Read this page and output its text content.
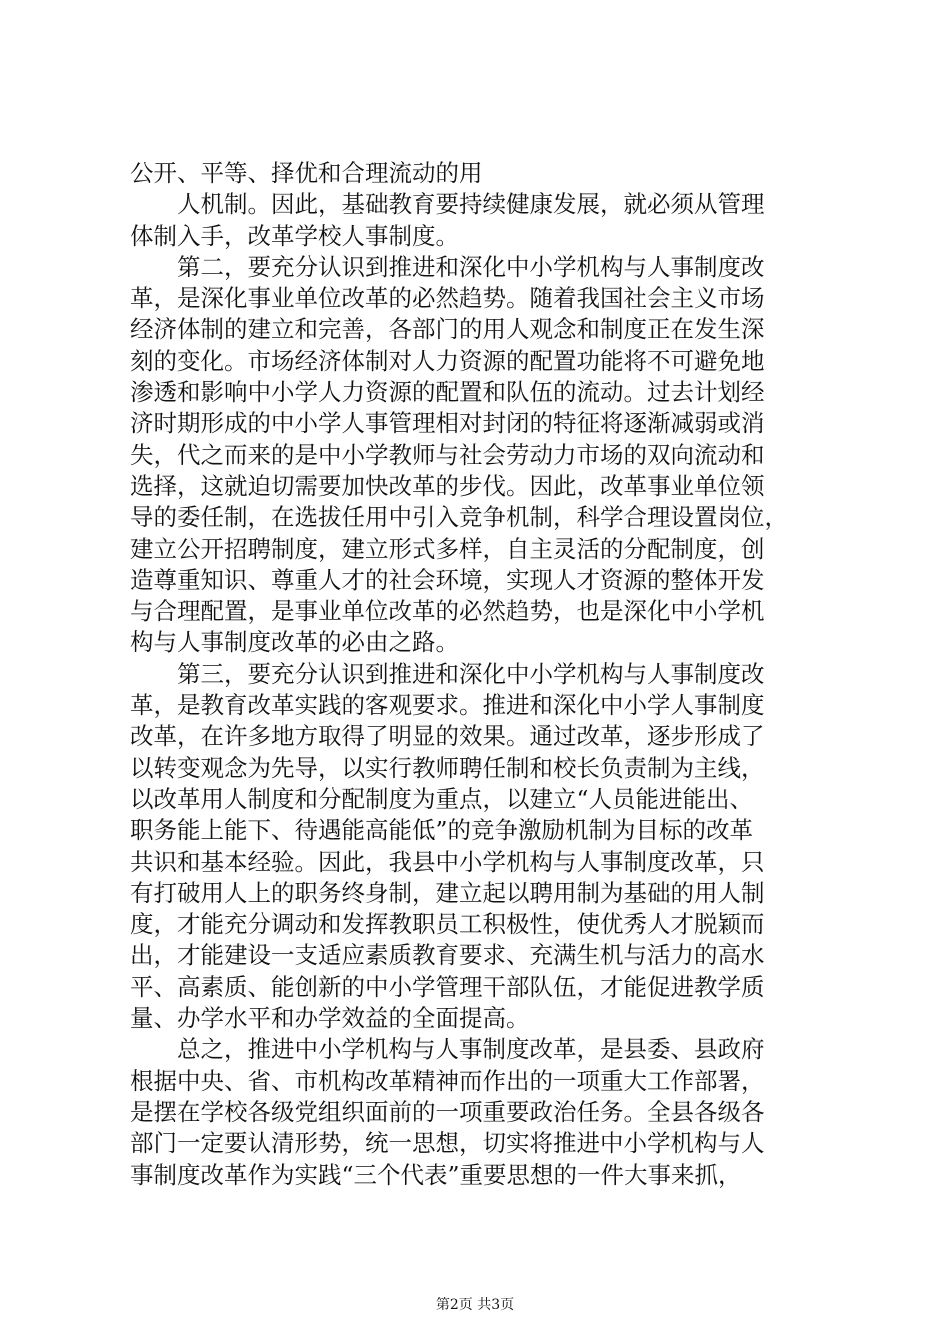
公开、平等、择优和合理流动的用
　　人机制。因此，基础教育要持续健康发展，就必须从管理
体制入手，改革学校人事制度。
　　第二，要充分认识到推进和深化中小学机构与人事制度改
革，是深化事业单位改革的必然趋势。随着我国社会主义市场
经济体制的建立和完善，各部门的用人观念和制度正在发生深
刻的变化。市场经济体制对人力资源的配置功能将不可避免地
渗透和影响中小学人力资源的配置和队伍的流动。过去计划经
济时期形成的中小学人事管理相对封闭的特征将逐渐减弱或消
失，代之而来的是中小学教师与社会劳动力市场的双向流动和
选择，这就迫切需要加快改革的步伐。因此，改革事业单位领
导的委任制，在选拔任用中引入竞争机制，科学合理设置岗位，
建立公开招聘制度，建立形式多样，自主灵活的分配制度，创
造尊重知识、尊重人才的社会环境，实现人才资源的整体开发
与合理配置，是事业单位改革的必然趋势，也是深化中小学机
构与人事制度改革的必由之路。
　　第三，要充分认识到推进和深化中小学机构与人事制度改
革，是教育改革实践的客观要求。推进和深化中小学人事制度
改革，在许多地方取得了明显的效果。通过改革，逐步形成了
以转变观念为先导，以实行教师聘任制和校长负责制为主线，
以改革用人制度和分配制度为重点，以建立“人员能进能出、
职务能上能下、待遇能高能低”的竞争激励机制为目标的改革
共识和基本经验。因此，我县中小学机构与人事制度改革，只
有打破用人上的职务终身制，建立起以聘用制为基础的用人制
度，才能充分调动和发挥教职员工积极性，使优秀人才脱颖而
出，才能建设一支适应素质教育要求、充满生机与活力的高水
平、高素质、能创新的中小学管理干部队伍，才能促进教学质
量、办学水平和办学效益的全面提高。
　　总之，推进中小学机构与人事制度改革，是县委、县政府
根据中央、省、市机构改革精神而作出的一项重大工作部署，
是摆在学校各级党组织面前的一项重要政治任务。全县各级各
部门一定要认清形势，统一思想，切实将推进中小学机构与人
事制度改革作为实践“三个代表”重要思想的一件大事来抓，
第2页 共3页
